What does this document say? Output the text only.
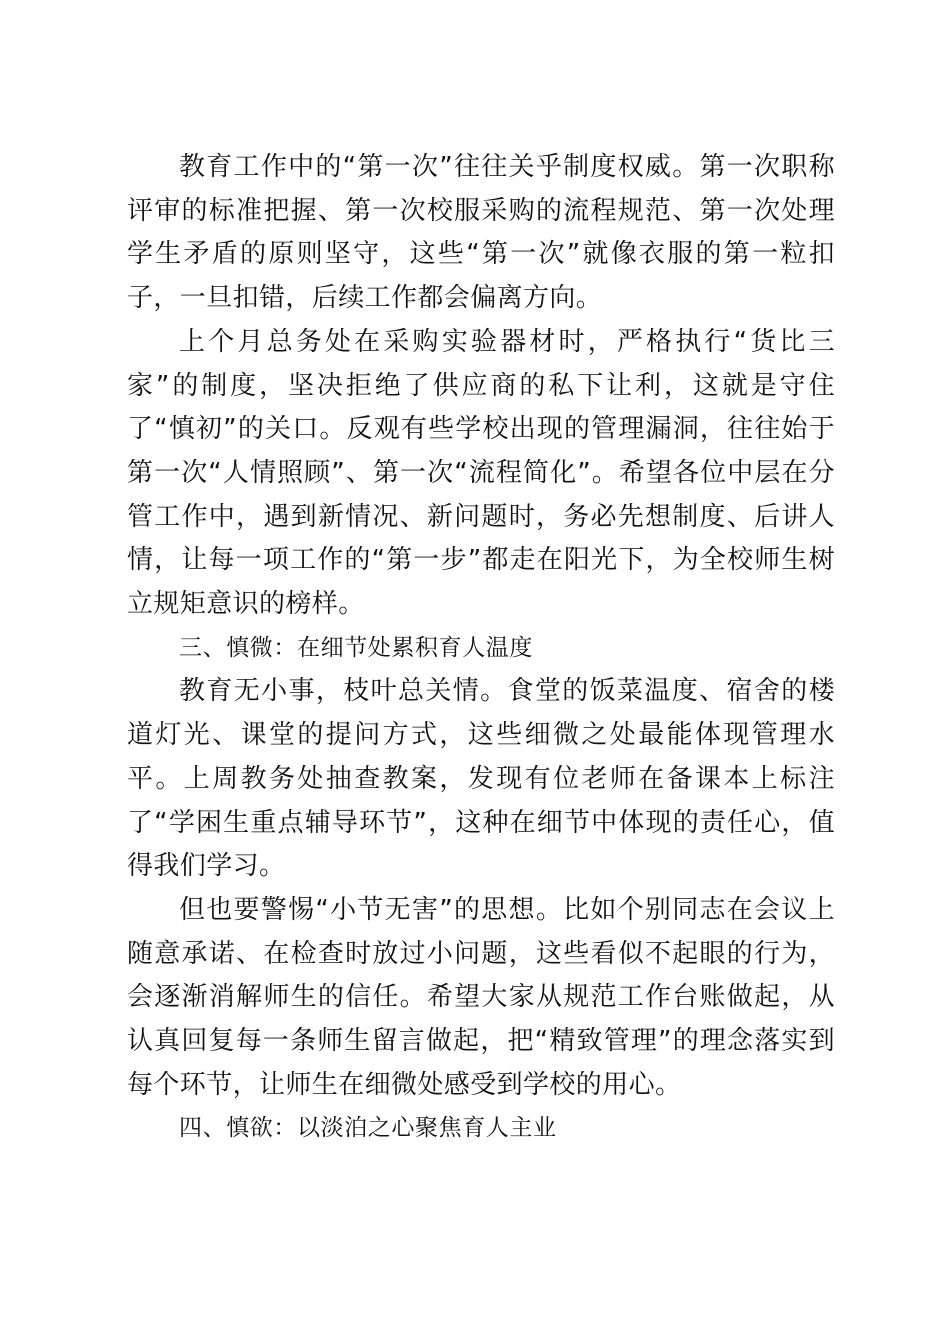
教育工作中的“第一次”往往关乎制度权威。第一次职称评审的标准把握、第一次校服采购的流程规范、第一次处理学生矛盾的原则坚守，这些“第一次”就像衣服的第一粒扣子，一旦扣错，后续工作都会偏离方向。

上个月总务处在采购实验器材时，严格执行“货比三家”的制度，坚决拒绝了供应商的私下让利，这就是守住了“慎初”的关口。反观有些学校出现的管理漏洞，往往始于第一次“人情照顾”、第一次“流程简化”。希望各位中层在分管工作中，遇到新情况、新问题时，务必先想制度、后讲人情，让每一项工作的“第一步”都走在阳光下，为全校师生树立规矩意识的榜样。

三、慎微：在细节处累积育人温度

教育无小事，枝叶总关情。食堂的饭菜温度、宿舍的楼道灯光、课堂的提问方式，这些细微之处最能体现管理水平。上周教务处抽查教案，发现有位老师在备课本上标注了“学困生重点辅导环节”，这种在细节中体现的责任心，值得我们学习。

但也要警惕“小节无害”的思想。比如个别同志在会议上随意承诺、在检查时放过小问题，这些看似不起眼的行为，会逐渐消解师生的信任。希望大家从规范工作台账做起，从认真回复每一条师生留言做起，把“精致管理”的理念落实到每个环节，让师生在细微处感受到学校的用心。

四、慎欲：以淡泊之心聚焦育人主业
